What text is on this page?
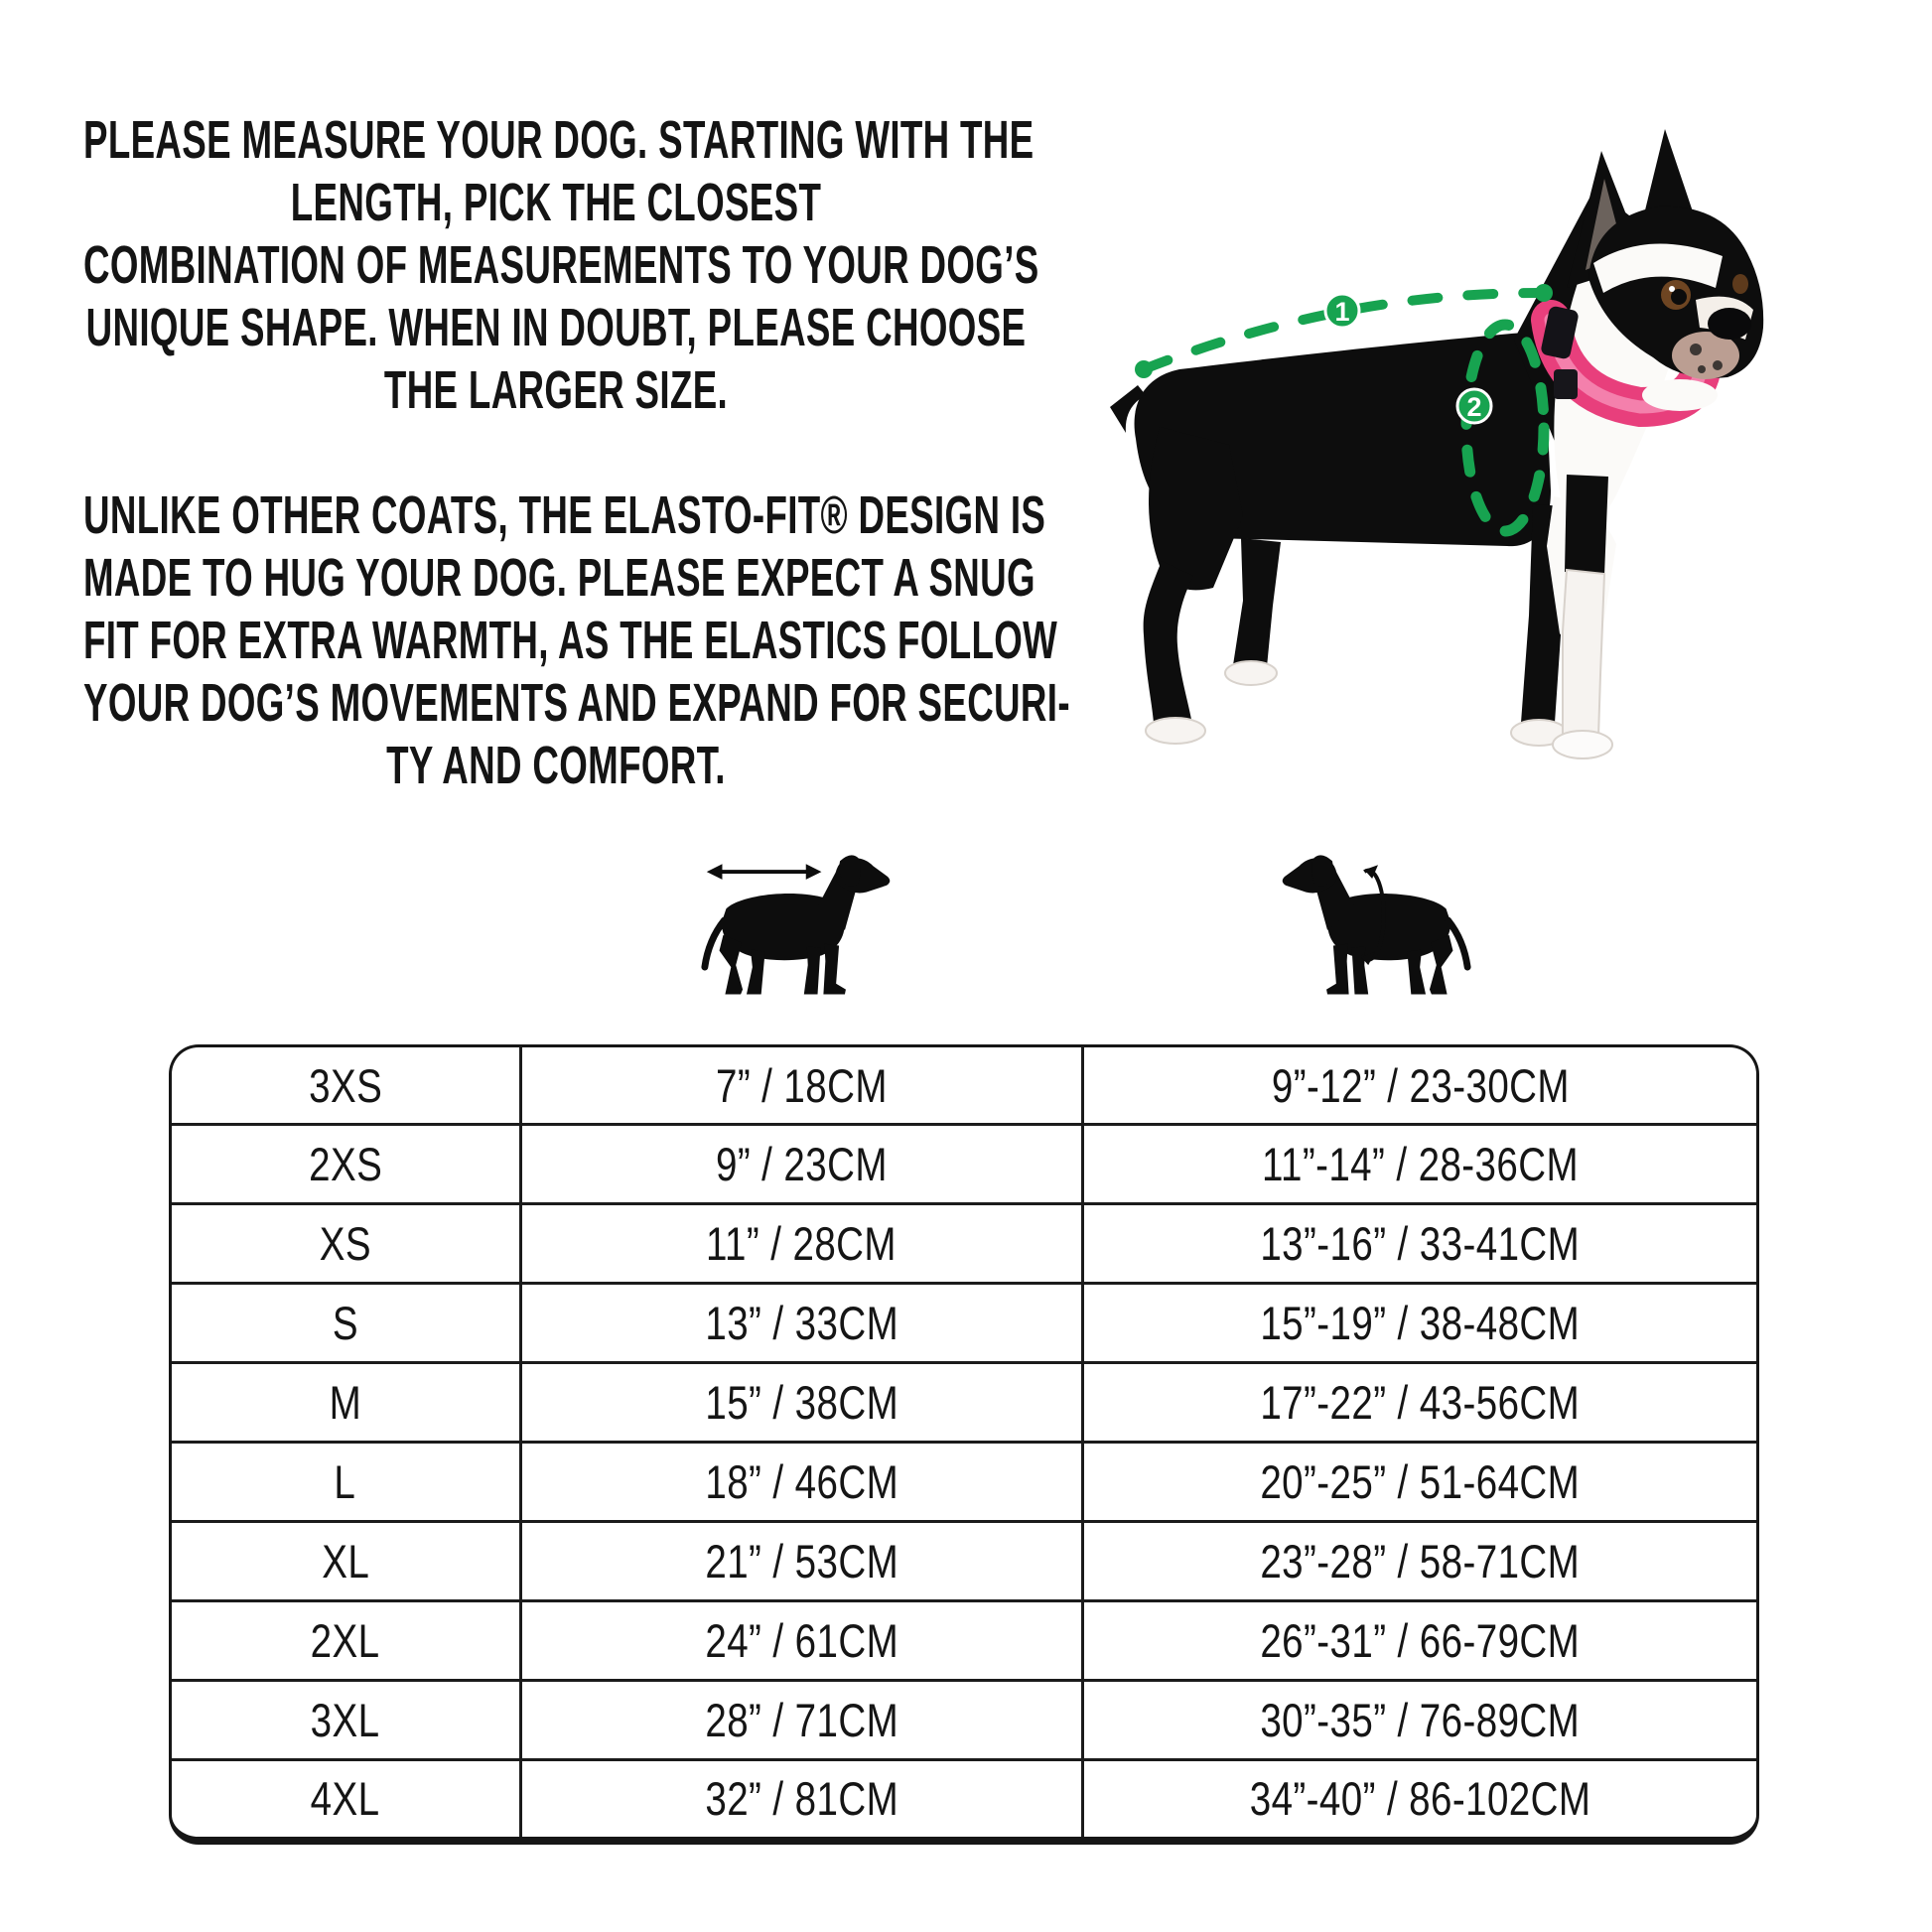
PLEASE MEASURE YOUR DOG. STARTING WITH THE
LENGTH, PICK THE CLOSEST
COMBINATION OF MEASUREMENTS TO YOUR DOG’S
UNIQUE SHAPE. WHEN IN DOUBT, PLEASE CHOOSE
THE LARGER SIZE.
UNLIKE OTHER COATS, THE ELASTO-FIT® DESIGN IS
MADE TO HUG YOUR DOG. PLEASE EXPECT A SNUG
FIT FOR EXTRA WARMTH, AS THE ELASTICS FOLLOW
YOUR DOG’S MOVEMENTS AND EXPAND FOR SECURI-
TY AND COMFORT.
1
2
3XS	7” / 18CM	9”-12” / 23-30CM
2XS	9” / 23CM	11”-14” / 28-36CM
XS	11” / 28CM	13”-16” / 33-41CM
S	13” / 33CM	15”-19” / 38-48CM
M	15” / 38CM	17”-22” / 43-56CM
L	18” / 46CM	20”-25” / 51-64CM
XL	21” / 53CM	23”-28” / 58-71CM
2XL	24” / 61CM	26”-31” / 66-79CM
3XL	28” / 71CM	30”-35” / 76-89CM
4XL	32” / 81CM	34”-40” / 86-102CM
